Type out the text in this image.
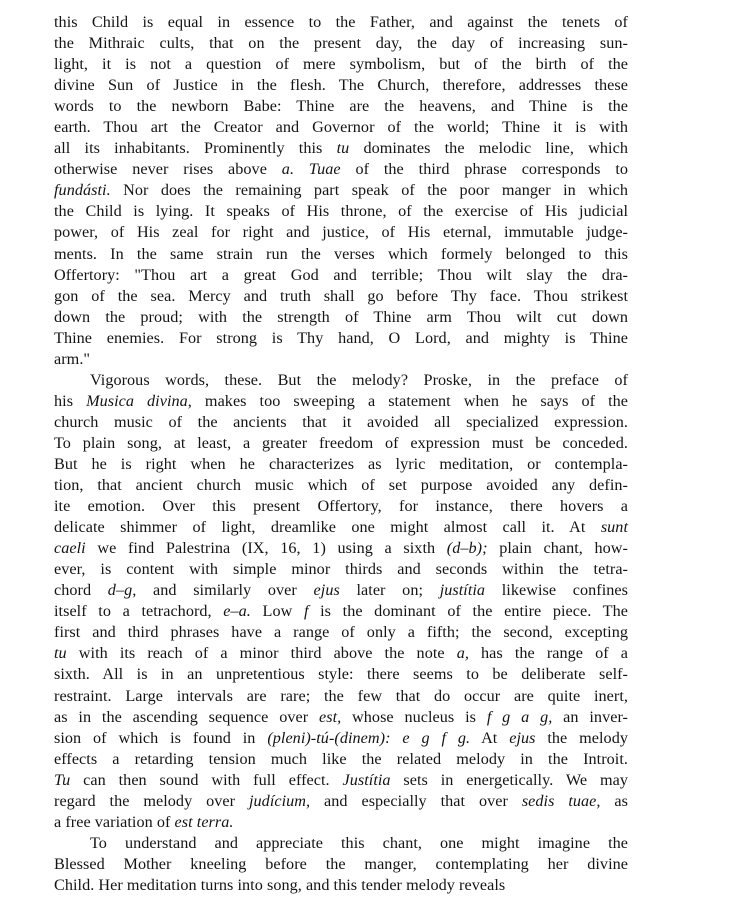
this Child is equal in essence to the Father, and against the tenets of
the Mithraic cults, that on the present day, the day of increasing sun-
light, it is not a question of mere symbolism, but of the birth of the
divine Sun of Justice in the flesh. The Church, therefore, addresses these
words to the newborn Babe: Thine are the heavens, and Thine is the
earth. Thou art the Creator and Governor of the world; Thine it is with
all its inhabitants. Prominently this tu dominates the melodic line, which
otherwise never rises above a. Tuae of the third phrase corresponds to
fundásti. Nor does the remaining part speak of the poor manger in which
the Child is lying. It speaks of His throne, of the exercise of His judicial
power, of His zeal for right and justice, of His eternal, immutable judge-
ments. In the same strain run the verses which formely belonged to this
Offertory: "Thou art a great God and terrible; Thou wilt slay the dra-
gon of the sea. Mercy and truth shall go before Thy face. Thou strikest
down the proud; with the strength of Thine arm Thou wilt cut down
Thine enemies. For strong is Thy hand, O Lord, and mighty is Thine
arm."

Vigorous words, these. But the melody? Proske, in the preface of
his Musica divina, makes too sweeping a statement when he says of the
church music of the ancients that it avoided all specialized expression.
To plain song, at least, a greater freedom of expression must be conceded.
But he is right when he characterizes as lyric meditation, or contempla-
tion, that ancient church music which of set purpose avoided any defin-
ite emotion. Over this present Offertory, for instance, there hovers a
delicate shimmer of light, dreamlike one might almost call it. At sunt
caeli we find Palestrina (IX, 16, 1) using a sixth (d–b); plain chant, how-
ever, is content with simple minor thirds and seconds within the tetra-
chord d–g, and similarly over ejus later on; justítia likewise confines
itself to a tetrachord, e–a. Low f is the dominant of the entire piece. The
first and third phrases have a range of only a fifth; the second, excepting
tu with its reach of a minor third above the note a, has the range of a
sixth. All is in an unpretentious style: there seems to be deliberate self-
restraint. Large intervals are rare; the few that do occur are quite inert,
as in the ascending sequence over est, whose nucleus is f g a g, an inver-
sion of which is found in (pleni)-tú-(dinem): e g f g. At ejus the melody
effects a retarding tension much like the related melody in the Introit.
Tu can then sound with full effect. Justítia sets in energetically. We may
regard the melody over judícium, and especially that over sedis tuae, as
a free variation of est terra.

To understand and appreciate this chant, one might imagine the
Blessed Mother kneeling before the manger, contemplating her divine
Child. Her meditation turns into song, and this tender melody reveals
